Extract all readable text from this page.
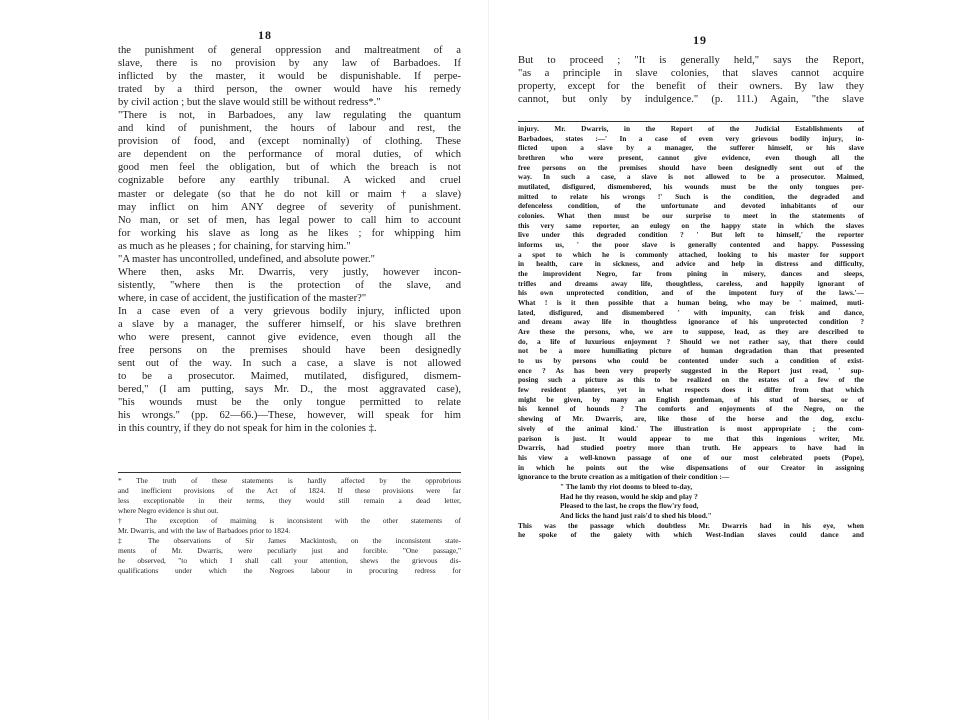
18
the punishment of general oppression and maltreatment of a
slave, there is no provision by any law of Barbadoes. If
inflicted by the master, it would be dispunishable. If perpe-
trated by a third person, the owner would have his remedy
by civil action ; but the slave would still be without redress*."
"There is not, in Barbadoes, any law regulating the quantum
and kind of punishment, the hours of labour and rest, the
provision of food, and (except nominally) of clothing. These
are dependent on the performance of moral duties, of which
good men feel the obligation, but of which the breach is not
cognizable before any earthly tribunal. A wicked and cruel
master or delegate (so that he do not kill or maim † a slave)
may inflict on him ANY degree of severity of punishment.
No man, or set of men, has legal power to call him to account
for working his slave as long as he likes ; for whipping him
as much as he pleases ; for chaining, for starving him."
"A master has uncontrolled, undefined, and absolute power."
Where then, asks Mr. Dwarris, very justly, however incon-
sistently, "where then is the protection of the slave, and
where, in case of accident, the justification of the master?"
In a case even of a very grievous bodily injury, inflicted upon
a slave by a manager, the sufferer himself, or his slave brethren
who were present, cannot give evidence, even though all the
free persons on the premises should have been designedly
sent out of the way. In such a case, a slave is not allowed
to be a prosecutor. Maimed, mutilated, disfigured, dismem-
bered," (I am putting, says Mr. D., the most aggravated case),
"his wounds must be the only tongue permitted to relate
his wrongs." (pp. 62—66.)—These, however, will speak for him
in this country, if they do not speak for him in the colonies ‡.
* The truth of these statements is hardly affected by the opprobrious
and inefficient provisions of the Act of 1824. If these provisions were far
less exceptionable in their terms, they would still remain a dead letter,
where Negro evidence is shut out.
† The exception of maiming is inconsistent with the other statements of
Mr. Dwarris, and with the law of Barbadoes prior to 1824.
‡ The observations of Sir James Mackintosh, on the inconsistent state-
ments of Mr. Dwarris, were peculiarly just and forcible. "One passage,"
he observed, "to which I shall call your attention, shews the grievous dis-
qualifications under which the Negroes labour in procuring redress for
19
But to proceed ; "It is generally held," says the Report,
"as a principle in slave colonies, that slaves cannot acquire
property, except for the benefit of their owners. By law they
cannot, but only by indulgence." (p. 111.) Again, "the slave
injury. Mr. Dwarris, in the Report of the Judicial Establishments of
Barbadoes, states :—' In a case of even very grievous bodily injury, in-
flicted upon a slave by a manager, the sufferer himself, or his slave
brethren who were present, cannot give evidence, even though all the
free persons on the premises should have been designedly sent out of the
way. In such a case, a slave is not allowed to be a prosecutor. Maimed,
mutilated, disfigured, dismembered, his wounds must be the only tongues per-
mitted to relate his wrongs !' Such is the condition, the degraded and
defenceless condition, of the unfortunate and devoted inhabitants of our
colonies. What then must be our surprise to meet in the statements of
this very same reporter, an eulogy on the happy state in which the slaves
live under this degraded condition ? ' But left to himself,' the reporter
informs us, ' the poor slave is generally contented and happy. Possessing
a spot to which he is commonly attached, looking to his master for support
in health, care in sickness, and advice and help in distress and difficulty,
the improvident Negro, far from pining in misery, dances and sleeps,
trifles and dreams away life, thoughtless, careless, and happily ignorant of
his own unprotected condition, and of the impotent fury of the laws.'—
What ! is it then possible that a human being, who may be ' maimed, muti-
lated, disfigured, and dismembered ' with impunity, can frisk and dance,
and dream away life in thoughtless ignorance of his unprotected condition ?
Are these the persons, who, we are to suppose, lead, as they are described to
do, a life of luxurious enjoyment ? Should we not rather say, that there could
not be a more humiliating picture of human degradation than that presented
to us by persons who could be contented under such a condition of exist-
ence ? As has been very properly suggested in the Report just read, ' sup-
posing such a picture as this to be realized on the estates of a few of the
few resident planters, yet in what respects does it differ from that which
might be given, by many an English gentleman, of his stud of horses, or of
his kennel of hounds ? The comforts and enjoyments of the Negro, on the
shewing of Mr. Dwarris, are, like those of the horse and the dog, exclu-
sively of the animal kind.' The illustration is most appropriate ; the com-
parison is just. It would appear to me that this ingenious writer, Mr.
Dwarris, had studied poetry more than truth. He appears to have had in
his view a well-known passage of one of our most celebrated poets (Pope),
in which he points out the wise dispensations of our Creator in assigning
ignorance to the brute creation as a mitigation of their condition :—
" The lamb thy riot dooms to bleed to-day,
Had he thy reason, would he skip and play ?
Pleased to the last, he crops the flow'ry food,
And licks the hand just rais'd to shed his blood."
This was the passage which doubtless Mr. Dwarris had in his eye, when
he spoke of the gaiety with which West-Indian slaves could dance and
